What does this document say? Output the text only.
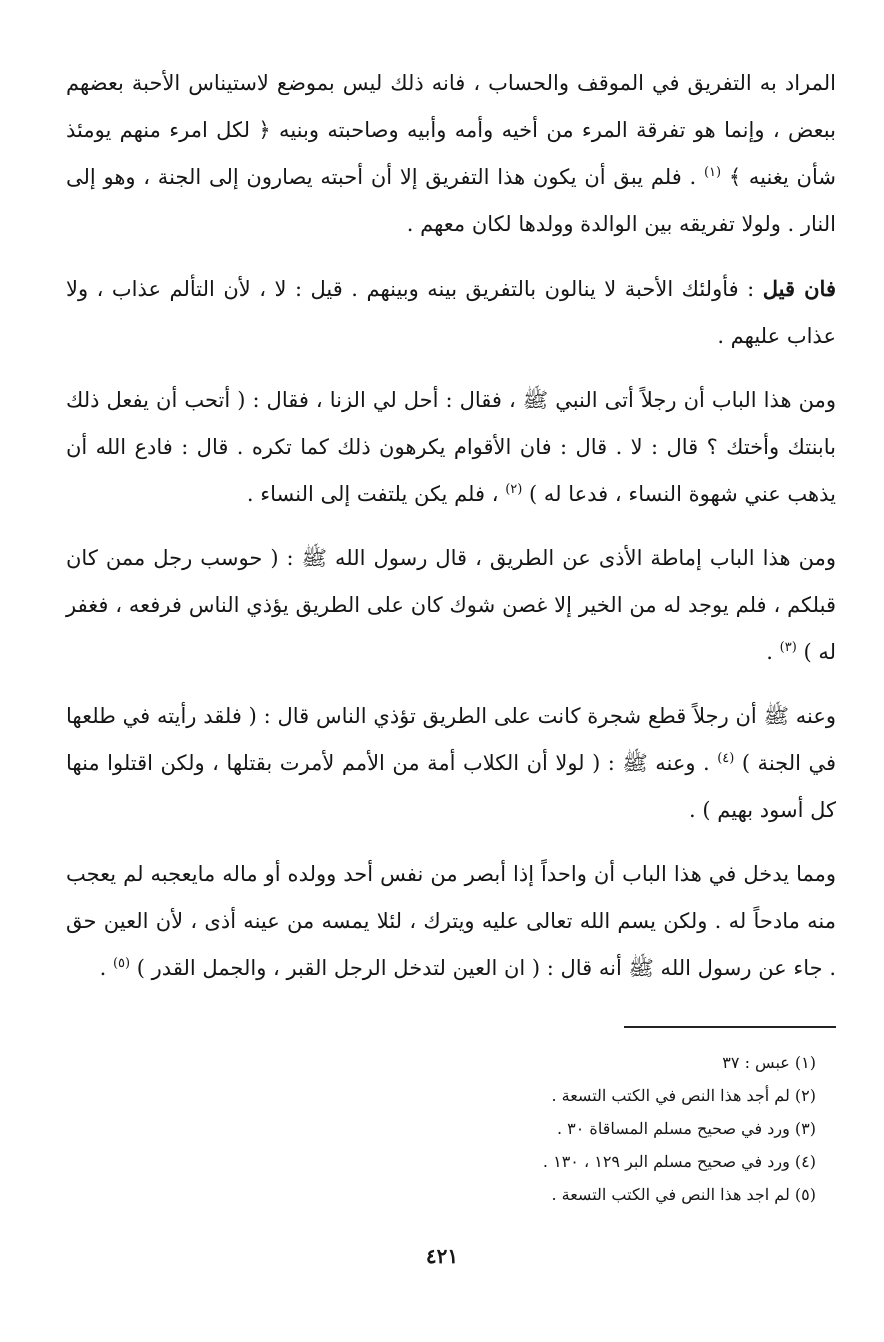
المراد به التفريق في الموقف والحساب ، فانه ذلك ليس بموضع لاستيناس الأحبة بعضهم ببعض ، وإنما هو تفرقة المرء من أخيه وأمه وأبيه وصاحبته وبنيه ﴿ لكل امرء منهم يومئذ شأن يغنيه ﴾ $^{(١)}$ . فلم يبق أن يكون هذا التفريق إلا أن أحبته يصارون إلى الجنة ، وهو إلى النار . ولولا تفريقه بين الوالدة وولدها لكان معهم .

فان قيل : فأولئك الأحبة لا ينالون بالتفريق بينه وبينهم . قيل : لا ، لأن التألم عذاب ، ولا عذاب عليهم .

ومن هذا الباب أن رجلاً أتى النبي ﷺ ، فقال : أحل لي الزنا ، فقال : ( أتحب أن يفعل ذلك بابنتك وأختك ؟ قال : لا . قال : فان الأقوام يكرهون ذلك كما تكره . قال : فادع الله أن يذهب عني شهوة النساء ، فدعا له ) $^{(٢)}$ ، فلم يكن يلتفت إلى النساء .

ومن هذا الباب إماطة الأذى عن الطريق ، قال رسول الله ﷺ : ( حوسب رجل ممن كان قبلكم ، فلم يوجد له من الخير إلا غصن شوك كان على الطريق يؤذي الناس فرفعه ، فغفر له ) $^{(٣)}$ .

وعنه ﷺ أن رجلاً قطع شجرة كانت على الطريق تؤذي الناس قال : ( فلقد رأيته في طلعها في الجنة ) $^{(٤)}$ . وعنه ﷺ : ( لولا أن الكلاب أمة من الأمم لأمرت بقتلها ، ولكن اقتلوا منها كل أسود بهيم ) .

ومما يدخل في هذا الباب أن واحداً إذا أبصر من نفس أحد وولده أو ماله مايعجبه لم يعجب منه مادحاً له . ولكن يسم الله تعالى عليه ويترك ، لئلا يمسه من عينه أذى ، لأن العين حق . جاء عن رسول الله ﷺ أنه قال : ( ان العين لتدخل الرجل القبر ، والجمل القدر ) $^{(٥)}$ .

(١) عبس : ٣٧
(٢) لم أجد هذا النص في الكتب التسعة .
(٣) ورد في صحيح مسلم المساقاة ٣٠ .
(٤) ورد في صحيح مسلم البر ١٢٩ ، ١٣٠ .
(٥) لم اجد هذا النص في الكتب التسعة .
٤٢١
